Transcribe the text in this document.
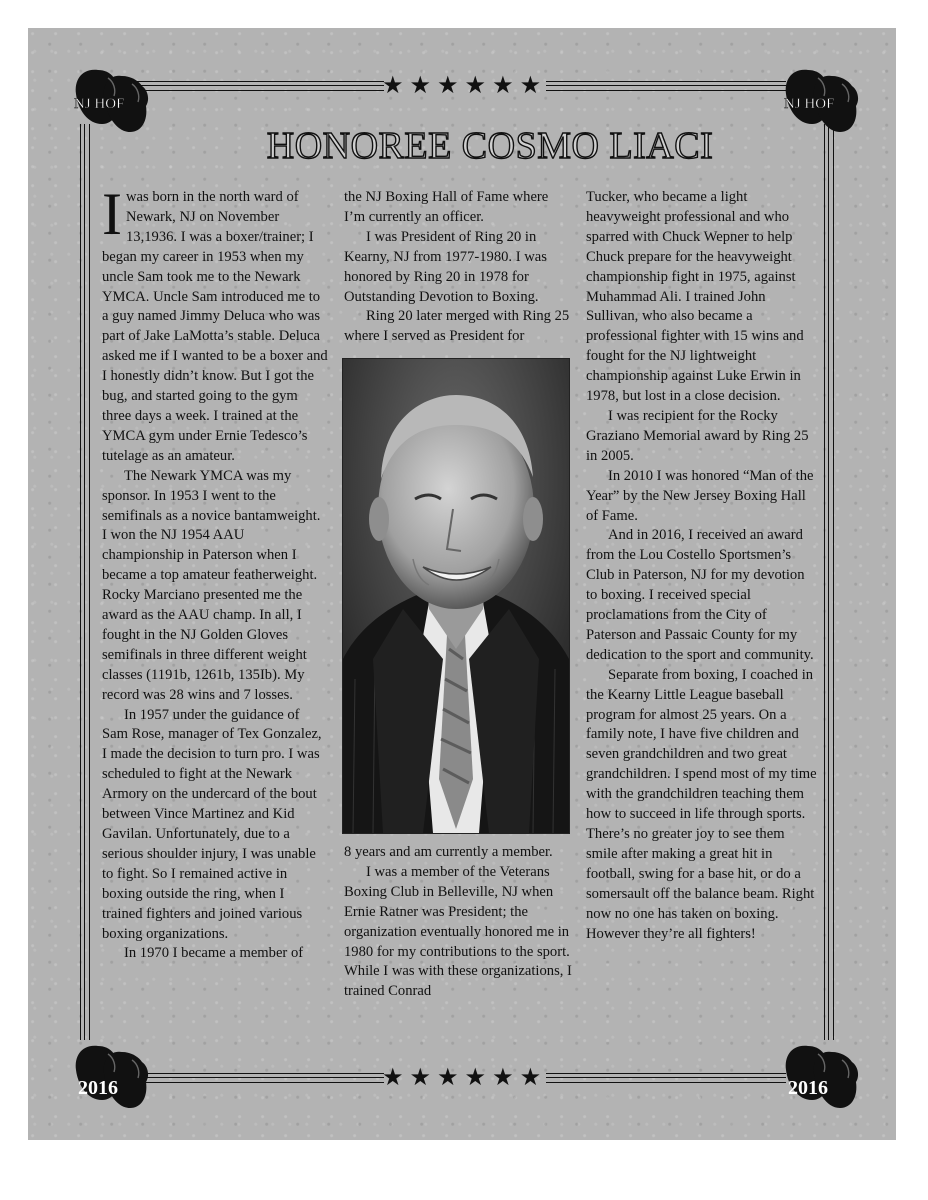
★★★★★★
★★★★★★
NJ HOF	NJ HOF
2016	2016
HONOREE COSMO LIACI

Iwas born in the north ward of Newark, NJ on November 13,1936. I was a boxer/trainer; I began my career in 1953 when my uncle Sam took me to the Newark YMCA. Uncle Sam introduced me to a guy named Jimmy Deluca who was part of Jake LaMotta’s stable. Deluca asked me if I wanted to be a boxer and I honestly didn’t know. But I got the bug, and started going to the gym three days a week. I trained at the YMCA gym under Ernie Tedesco’s tutelage as an amateur.

The Newark YMCA was my sponsor. In 1953 I went to the semifinals as a novice bantamweight. I won the NJ 1954 AAU championship in Paterson when I became a top amateur featherweight. Rocky Marciano presented me the award as the AAU champ. In all, I fought in the NJ Golden Gloves semifinals in three different weight classes (1191b, 1261b, 135Ib). My record was 28 wins and 7 losses.

In 1957 under the guidance of Sam Rose, manager of Tex Gonzalez, I made the decision to turn pro. I was scheduled to fight at the Newark Armory on the undercard of the bout between Vince Martinez and Kid Gavilan. Unfortunately, due to a serious shoulder injury, I was unable to fight. So I remained active in boxing outside the ring, when I trained fighters and joined various boxing organizations.

In 1970 I became a member of

the NJ Boxing Hall of Fame where I’m currently an officer.

I was President of Ring 20 in Kearny, NJ from 1977-1980. I was honored by Ring 20 in 1978 for Outstanding Devotion to Boxing.

Ring 20 later merged with Ring 25 where I served as President for

8 years and am currently a member.

I was a member of the Veterans Boxing Club in Belleville, NJ when Ernie Ratner was President; the organization eventually honored me in 1980 for my contributions to the sport. While I was with these organizations, I trained Conrad

Tucker, who became a light heavyweight professional and who sparred with Chuck Wepner to help Chuck prepare for the heavyweight championship fight in 1975, against Muhammad Ali. I trained John Sullivan, who also became a professional fighter with 15 wins and fought for the NJ lightweight championship against Luke Erwin in 1978, but lost in a close decision.

I was recipient for the Rocky Graziano Memorial award by Ring 25 in 2005.

In 2010 I was honored “Man of the Year” by the New Jersey Boxing Hall of Fame.

And in 2016, I received an award from the Lou Costello Sportsmen’s Club in Paterson, NJ for my devotion to boxing. I received special proclamations from the City of Paterson and Passaic County for my dedication to the sport and community.

Separate from boxing, I coached in the Kearny Little League baseball program for almost 25 years. On a family note, I have five children and seven grandchildren and two great grandchildren. I spend most of my time with the grandchildren teaching them how to succeed in life through sports. There’s no greater joy to see them smile after making a great hit in football, swing for a base hit, or do a somersault off the balance beam. Right now no one has taken on boxing. However they’re all fighters!
